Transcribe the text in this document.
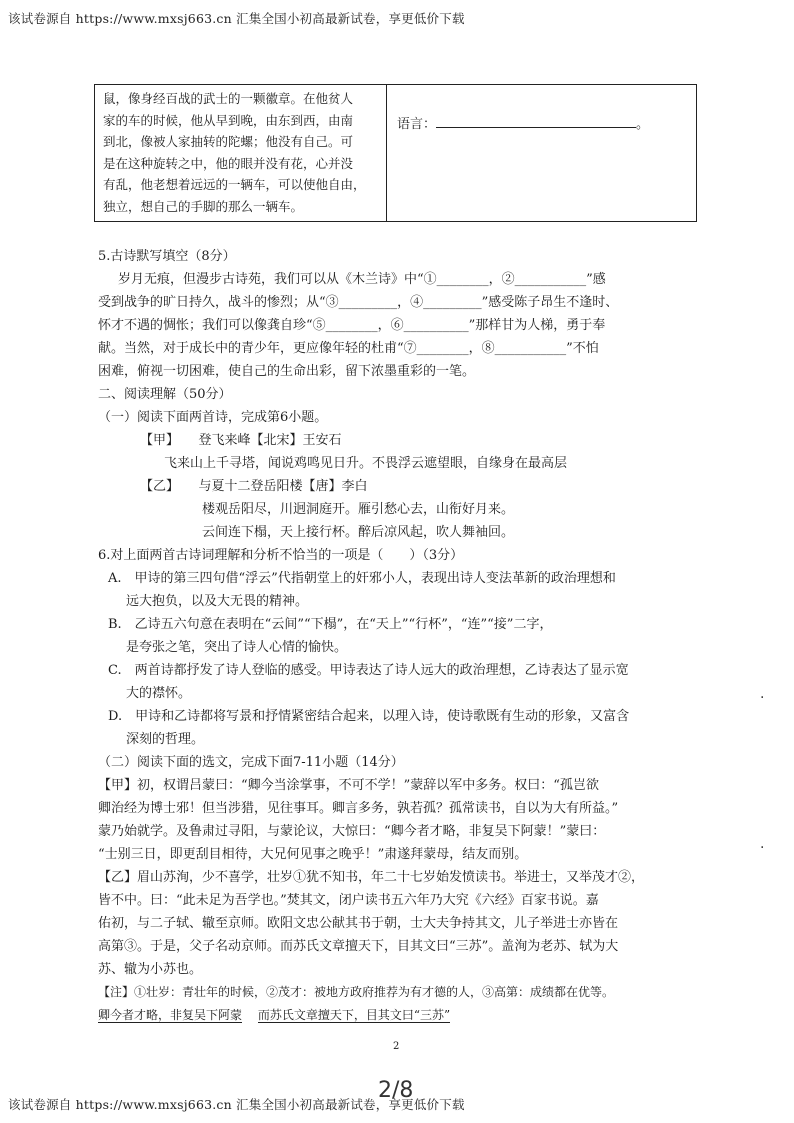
该试卷源自 https://www.mxsj663.cn 汇集全国小初高最新试卷，享更低价下载
鼠，像身经百战的武士的一颗徽章。在他贫人
家的车的时候，他从早到晚，由东到西，由南
到北，像被人家抽转的陀螺；他没有自己。可
是在这种旋转之中，他的眼并没有花，心并没
有乱，他老想着远远的一辆车，可以使他自由，
独立，想自己的手脚的那么一辆车。
语言：	。
5.古诗默写填空（8分）
岁月无痕，但漫步古诗苑，我们可以从《木兰诗》中“①________，②___________”感
受到战争的旷日持久，战斗的惨烈；从“③_________，④_________”感受陈子昂生不逢时、
怀才不遇的惆怅；我们可以像龚自珍“⑤________，⑥__________”那样甘为人梯，勇于奉
献。当然，对于成长中的青少年，更应像年轻的杜甫“⑦________，⑧___________”不怕
困难，俯视一切困难，使自己的生命出彩，留下浓墨重彩的一笔。
二、阅读理解（50分）
（一）阅读下面两首诗，完成第6小题。
【甲】　　登飞来峰【北宋】王安石
飞来山上千寻塔，闻说鸡鸣见日升。不畏浮云遮望眼，自缘身在最高层
【乙】　　与夏十二登岳阳楼【唐】李白
楼观岳阳尽，川迥洞庭开。雁引愁心去，山衔好月来。
云间连下榻，天上接行杯。醉后凉风起，吹人舞袖回。
6.对上面两首古诗词理解和分析不恰当的一项是（　　）（3分）
A.　甲诗的第三四句借“浮云”代指朝堂上的奸邪小人，表现出诗人变法革新的政治理想和
远大抱负，以及大无畏的精神。
B.　乙诗五六句意在表明在“云间”“下榻”，在“天上”“行杯”，“连”“接”二字，
是夸张之笔，突出了诗人心情的愉快。
C.　两首诗都抒发了诗人登临的感受。甲诗表达了诗人远大的政治理想，乙诗表达了显示宽
大的襟怀。
D.　甲诗和乙诗都将写景和抒情紧密结合起来，以理入诗，使诗歌既有生动的形象，又富含
深刻的哲理。
（二）阅读下面的选文，完成下面7-11小题（14分）
【甲】初，权谓吕蒙曰：“卿今当涂掌事，不可不学！”蒙辞以军中多务。权曰：“孤岂欲
卿治经为博士邪！但当涉猎，见往事耳。卿言多务，孰若孤？孤常读书，自以为大有所益。”
蒙乃始就学。及鲁肃过寻阳，与蒙论议，大惊曰：“卿今者才略，非复吴下阿蒙！”蒙曰：
“士别三日，即更刮目相待，大兄何见事之晚乎！”肃遂拜蒙母，结友而别。
【乙】眉山苏洵，少不喜学，壮岁①犹不知书，年二十七岁始发愤读书。举进士，又举茂才②，
皆不中。曰：“此未足为吾学也。”焚其文，闭户读书五六年乃大究《六经》百家书说。嘉
佑初，与二子轼、辙至京师。欧阳文忠公献其书于朝，士大夫争持其文，儿子举进士亦皆在
高第③。于是，父子名动京师。而苏氏文章擅天下，目其文曰“三苏”。盖洵为老苏、轼为大
苏、辙为小苏也。
【注】①壮岁：青壮年的时候，②茂才：被地方政府推荐为有才德的人，③高第：成绩都在优等。
卿今者才略，非复吴下阿蒙　 而苏氏文章擅天下，目其文曰“三苏”
2
2/8
该试卷源自 https://www.mxsj663.cn 汇集全国小初高最新试卷，享更低价下载
·
·
